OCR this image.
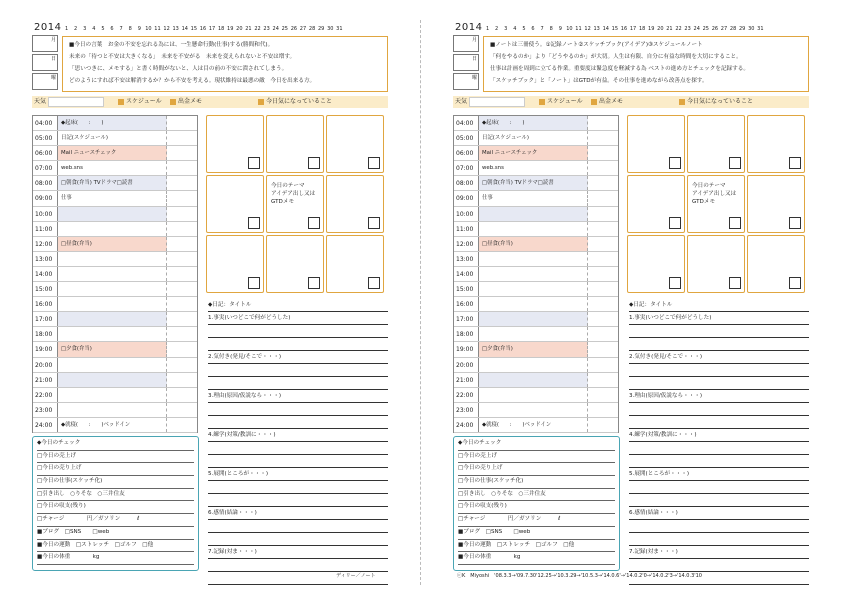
2014 1	2	3	4	5	6	7	8	9 10 11 12 13 14 15 16 17 18 19 20 21 22 23 24 25 26 27 28 29 30 31
月
日
曜
■今日の言葉　お金の不安を忘れる為には、一生懸命行動(仕事)する(勝間和代)。
未来の「待つと不安は大きくなる」　未来を不安がる　未来を変えられないと不安は増す。
「思いつきに、メモする」と書く時間がないと、人は目の前の不安に潰されてしまう。
どのようにすれば不安は解消するか？から不安を考える。現状維持は最悪の敵　今日を出来る方。
天気	スケジュール	出金メモ	今日気になっていること
04:00	◆起床(　　:　　)
05:00	日記(スケジュール)
06:00	Mail ニュースチェック
07:00	web.sns
08:00	□朝食(弁当) TVドラマ□読書
09:00	仕事
10:00
11:00
12:00	□昼食(弁当)
13:00
14:00
15:00
16:00
17:00
18:00
19:00	□夕食(弁当)
20:00
21:00
22:00
23:00
24:00	◆就寝(　　:　　)ベッドイン
今日のテーマ
アイデア出し又は
GTDメモ
◆日記：タイトル
1.事実(いつどこで何がどうした)
2.気付き(発見/そこで・・・)
3.理由(原因/仮説なら・・・)
4.練学(対策/教訓に・・・)
5.展開(ところが・・・)
6.感情(結論・・・)
7.記録(対ま・・・)
◆今日のチェック
□今日の売上げ
□今日の売り上げ
□今日の仕事(スケッチ化)
□引き出し　○りそな　○三井住友
□今日の収支(残り)
□チャージ　　　　円／ガソリン　　　ℓ
■ブログ　□SNS　　□web
■今日の運動　□ストレッチ　□ゴルフ　□他
■今日の体重　　　　kg
ディリー／ノート
2014 1	2	3	4	5	6	7	8	9 10 11 12 13 14 15 16 17 18 19 20 21 22 23 24 25 26 27 28 29 30 31
月
日
曜
■ノートは三冊使う。①記録ノート②スケッチブック(アイデア)③スケジュールノート
「何をやるのか」より「どうやるのか」が大切。人生は有限、自分に有益な時間を大切にすること。
仕事は計画を周到に立てる作業。重要度は緊急度を軽減する為 ベストの進め方とチェックを記録する。
「スケッチブック」と「ノート」はGTDが有益。その仕事を進めながら改善点を探す。
天気	スケジュール	出金メモ	今日気になっていること
04:00	◆起床(　　:　　)
05:00	日記(スケジュール)
06:00	Mail ニュースチェック
07:00	web.sns
08:00	□朝食(弁当) TVドラマ□読書
09:00	仕事
10:00
11:00
12:00	□昼食(弁当)
13:00
14:00
15:00
16:00
17:00
18:00
19:00	□夕食(弁当)
20:00
21:00
22:00
23:00
24:00	◆就寝(　　:　　)ベッドイン
今日のテーマ
アイデア出し又は
GTDメモ
◆日記：タイトル
1.事実(いつどこで何がどうした)
2.気付き(発見/そこで・・・)
3.理由(原因/仮説なら・・・)
4.練学(対策/教訓に・・・)
5.展開(ところが・・・)
6.感情(結論・・・)
7.記録(対ま・・・)
◆今日のチェック
□今日の売上げ
□今日の売り上げ
□今日の仕事(スケッチ化)
□引き出し　○りそな　○三井住友
□今日の収支(残り)
□チャージ　　　　円／ガソリン　　　ℓ
■ブログ　□SNS　　□web
■今日の運動　□ストレッチ　□ゴルフ　□他
■今日の体重　　　　kg
ⓒK　Miyoshi　'08.3.3→'09.7.30'12.25→'10.3.29→'10.5.3→'14.0.6'→'14.0.2'0→'14.0.2'3→'14.0.3'10
